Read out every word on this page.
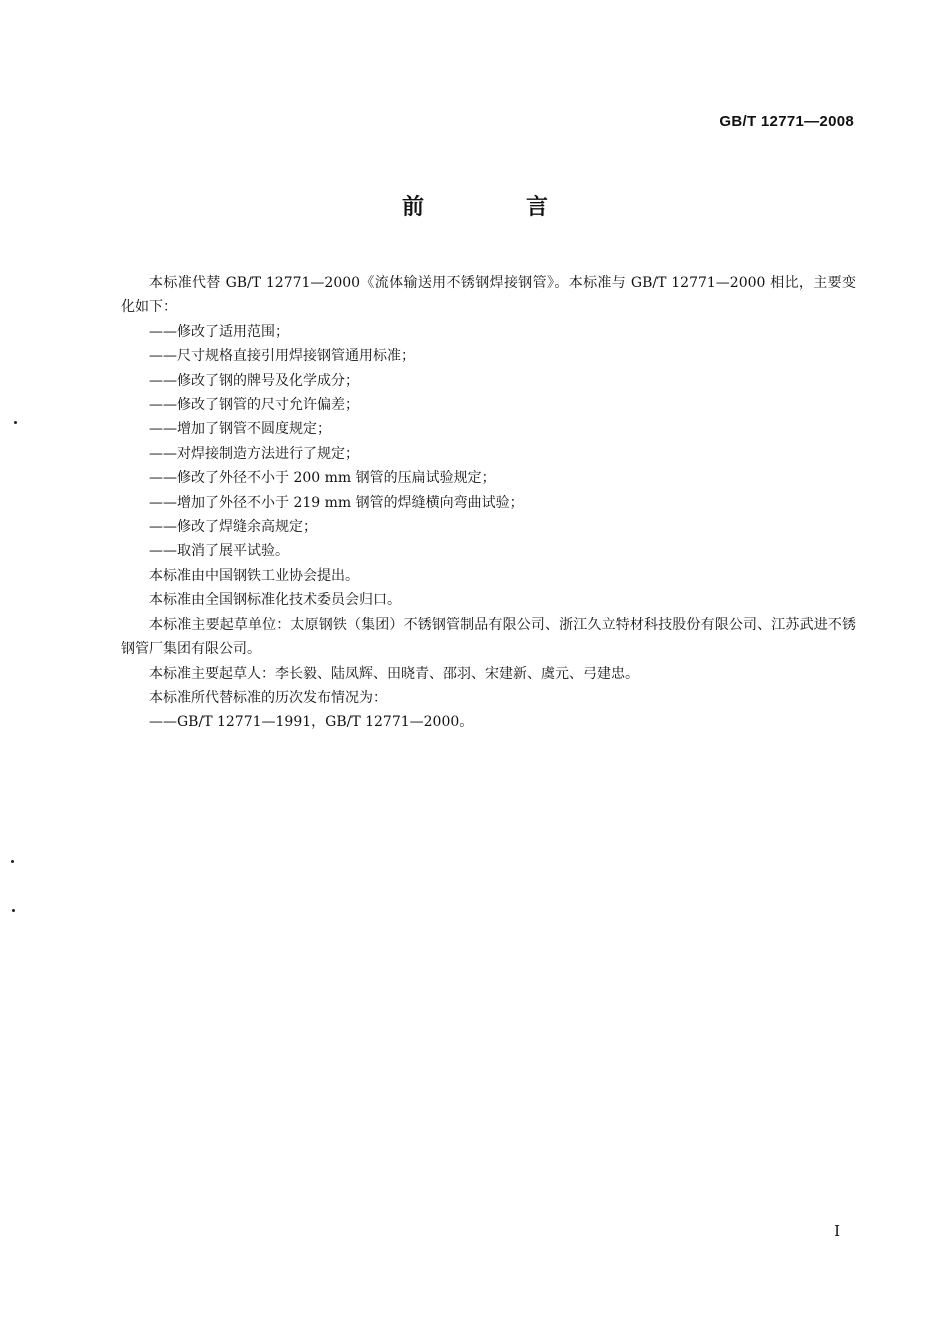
GB/T 12771—2008
前　言

本标准代替 GB/T 12771—2000《流体输送用不锈钢焊接钢管》。本标准与 GB/T 12771—2000 相比，主要变化如下：

——修改了适用范围；

——尺寸规格直接引用焊接钢管通用标准；

——修改了钢的牌号及化学成分；

——修改了钢管的尺寸允许偏差；

——增加了钢管不圆度规定；

——对焊接制造方法进行了规定；

——修改了外径不小于 200 mm 钢管的压扁试验规定；

——增加了外径不小于 219 mm 钢管的焊缝横向弯曲试验；

——修改了焊缝余高规定；

——取消了展平试验。

本标准由中国钢铁工业协会提出。

本标准由全国钢标准化技术委员会归口。

本标准主要起草单位：太原钢铁（集团）不锈钢管制品有限公司、浙江久立特材科技股份有限公司、江苏武进不锈钢管厂集团有限公司。

本标准主要起草人：李长毅、陆凤辉、田晓青、邵羽、宋建新、虞元、弓建忠。

本标准所代替标准的历次发布情况为：

——GB/T 12771—1991，GB/T 12771—2000。

I
